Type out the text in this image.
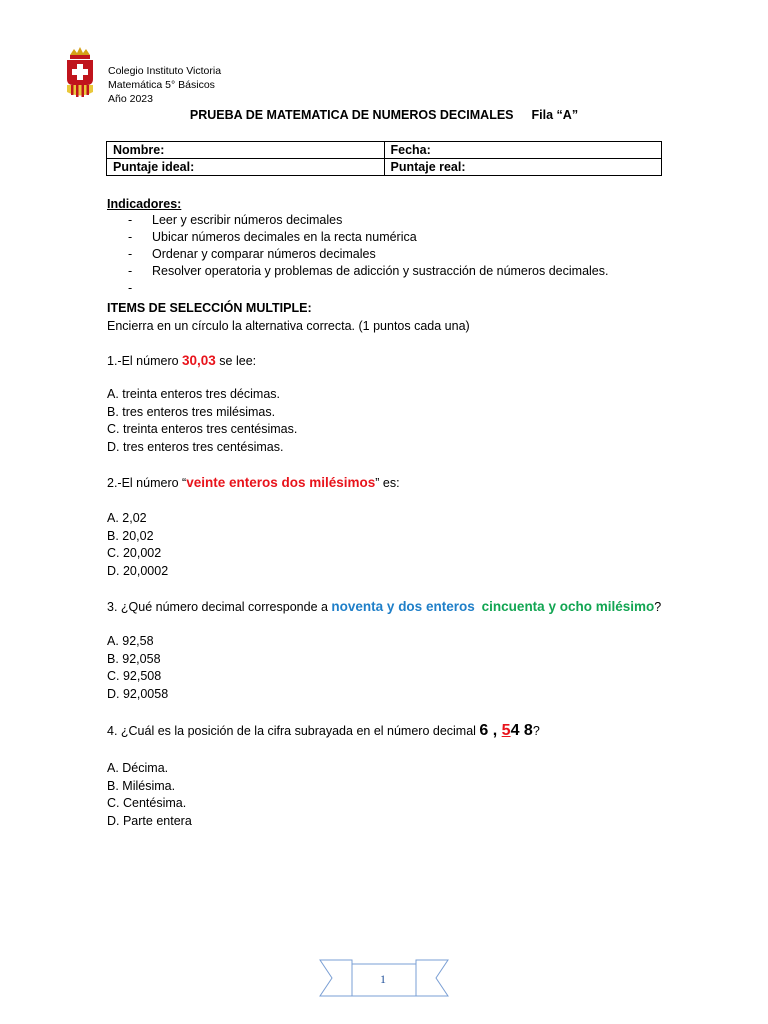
Colegio Instituto Victoria
Matemática 5° Básicos
Año 2023
PRUEBA DE MATEMATICA DE NUMEROS DECIMALES Fila “A”
Nombre:	Fecha:
Puntaje ideal:	Puntaje real:
Indicadores:
- Leer y escribir números decimales
- Ubicar números decimales en la recta numérica
- Ordenar y comparar números decimales
- Resolver operatoria y problemas de adicción y sustracción de números decimales.
-
ITEMS DE SELECCIÓN MULTIPLE:
Encierra en un círculo la alternativa correcta. (1 puntos cada una)
1.-El número 30,03 se lee:
A. treinta enteros tres décimas.
B. tres enteros tres milésimas.
C. treinta enteros tres centésimas.
D. tres enteros tres centésimas.
2.-El número “veinte enteros dos milésimos” es:
A. 2,02
B. 20,02
C. 20,002
D. 20,0002
3. ¿Qué número decimal corresponde a noventa y dos enteros cincuenta y ocho milésimo?
A. 92,58
B. 92,058
C. 92,508
D. 92,0058
4. ¿Cuál es la posición de la cifra subrayada en el número decimal 6 , 54 8?
A. Décima.
B. Milésima.
C. Centésima.
D. Parte entera
1
